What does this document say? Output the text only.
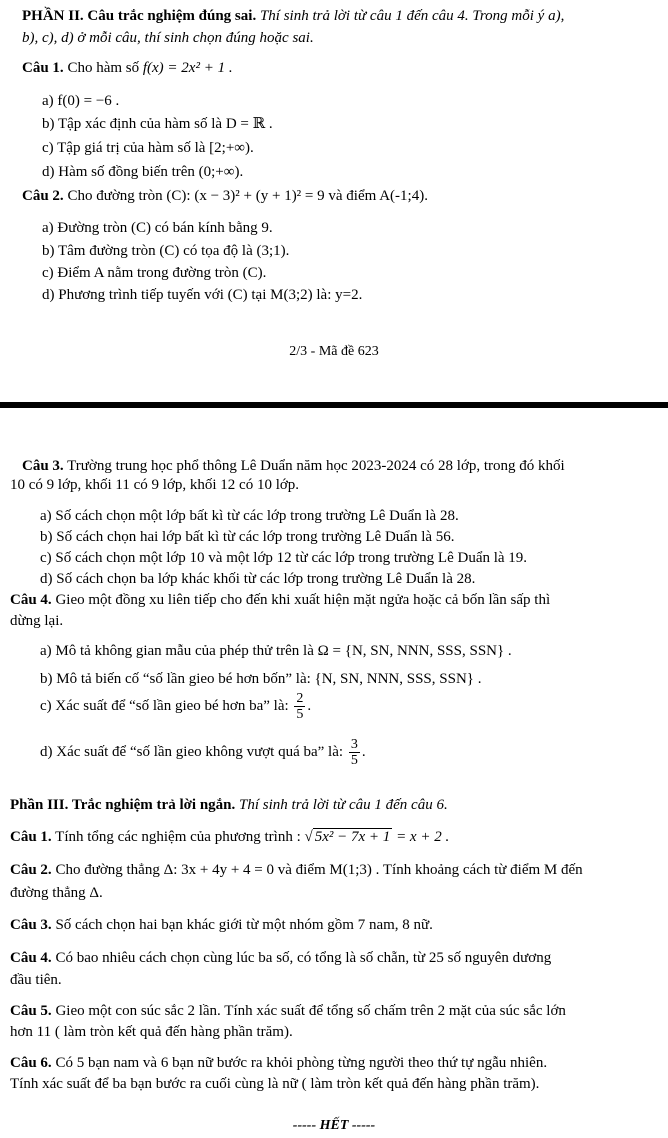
PHẦN II. Câu trắc nghiệm đúng sai. Thí sinh trả lời từ câu 1 đến câu 4. Trong mỗi ý a),
b), c), d) ở mỗi câu, thí sinh chọn đúng hoặc sai.
Câu 1. Cho hàm số f(x) = 2x² + 1 .
a) f(0) = −6 .
b) Tập xác định của hàm số là D = ℝ .
c) Tập giá trị của hàm số là [2;+∞).
d) Hàm số đồng biến trên (0;+∞).
Câu 2. Cho đường tròn (C): (x − 3)² + (y + 1)² = 9 và điểm A(-1;4).
a) Đường tròn (C) có bán kính bằng 9.
b) Tâm đường tròn (C) có tọa độ là (3;1).
c) Điểm A nằm trong đường tròn (C).
d) Phương trình tiếp tuyến với (C) tại M(3;2) là: y=2.
2/3 - Mã đề 623
Câu 3. Trường trung học phổ thông Lê Duẩn năm học 2023-2024 có 28 lớp, trong đó khối
10 có 9 lớp, khối 11 có 9 lớp, khối 12 có 10 lớp.
a) Số cách chọn một lớp bất kì từ các lớp trong trường Lê Duẩn là 28.
b) Số cách chọn hai lớp bất kì từ các lớp trong trường Lê Duẩn là 56.
c) Số cách chọn một lớp 10 và một lớp 12 từ các lớp trong trường Lê Duẩn là 19.
d) Số cách chọn ba lớp khác khối từ các lớp trong trường Lê Duẩn là 28.
Câu 4. Gieo một đồng xu liên tiếp cho đến khi xuất hiện mặt ngửa hoặc cả bốn lần sấp thì
dừng lại.
a) Mô tả không gian mẫu của phép thử trên là Ω = {N, SN, NNN, SSS, SSN} .
b) Mô tả biến cố “số lần gieo bé hơn bốn” là: {N, SN, NNN, SSS, SSN} .
c) Xác suất để “số lần gieo bé hơn ba” là: $\frac{2}{5}$ .
d) Xác suất để “số lần gieo không vượt quá ba” là: $\frac{3}{5}$ .
Phần III. Trắc nghiệm trả lời ngắn. Thí sinh trả lời từ câu 1 đến câu 6.
Câu 1. Tính tổng các nghiệm của phương trình : √ 5x² − 7x + 1 = x + 2 .
Câu 2. Cho đường thẳng Δ: 3x + 4y + 4 = 0 và điểm M(1;3) . Tính khoảng cách từ điểm M đến
đường thẳng Δ.
Câu 3. Số cách chọn hai bạn khác giới từ một nhóm gồm 7 nam, 8 nữ.
Câu 4. Có bao nhiêu cách chọn cùng lúc ba số, có tổng là số chẵn, từ 25 số nguyên dương
đầu tiên.
Câu 5. Gieo một con súc sắc 2 lần. Tính xác suất để tổng số chấm trên 2 mặt của súc sắc lớn
hơn 11 ( làm tròn kết quả đến hàng phần trăm).
Câu 6. Có 5 bạn nam và 6 bạn nữ bước ra khỏi phòng từng người theo thứ tự ngẫu nhiên.
Tính xác suất để ba bạn bước ra cuối cùng là nữ ( làm tròn kết quả đến hàng phần trăm).
----- HẾT -----
